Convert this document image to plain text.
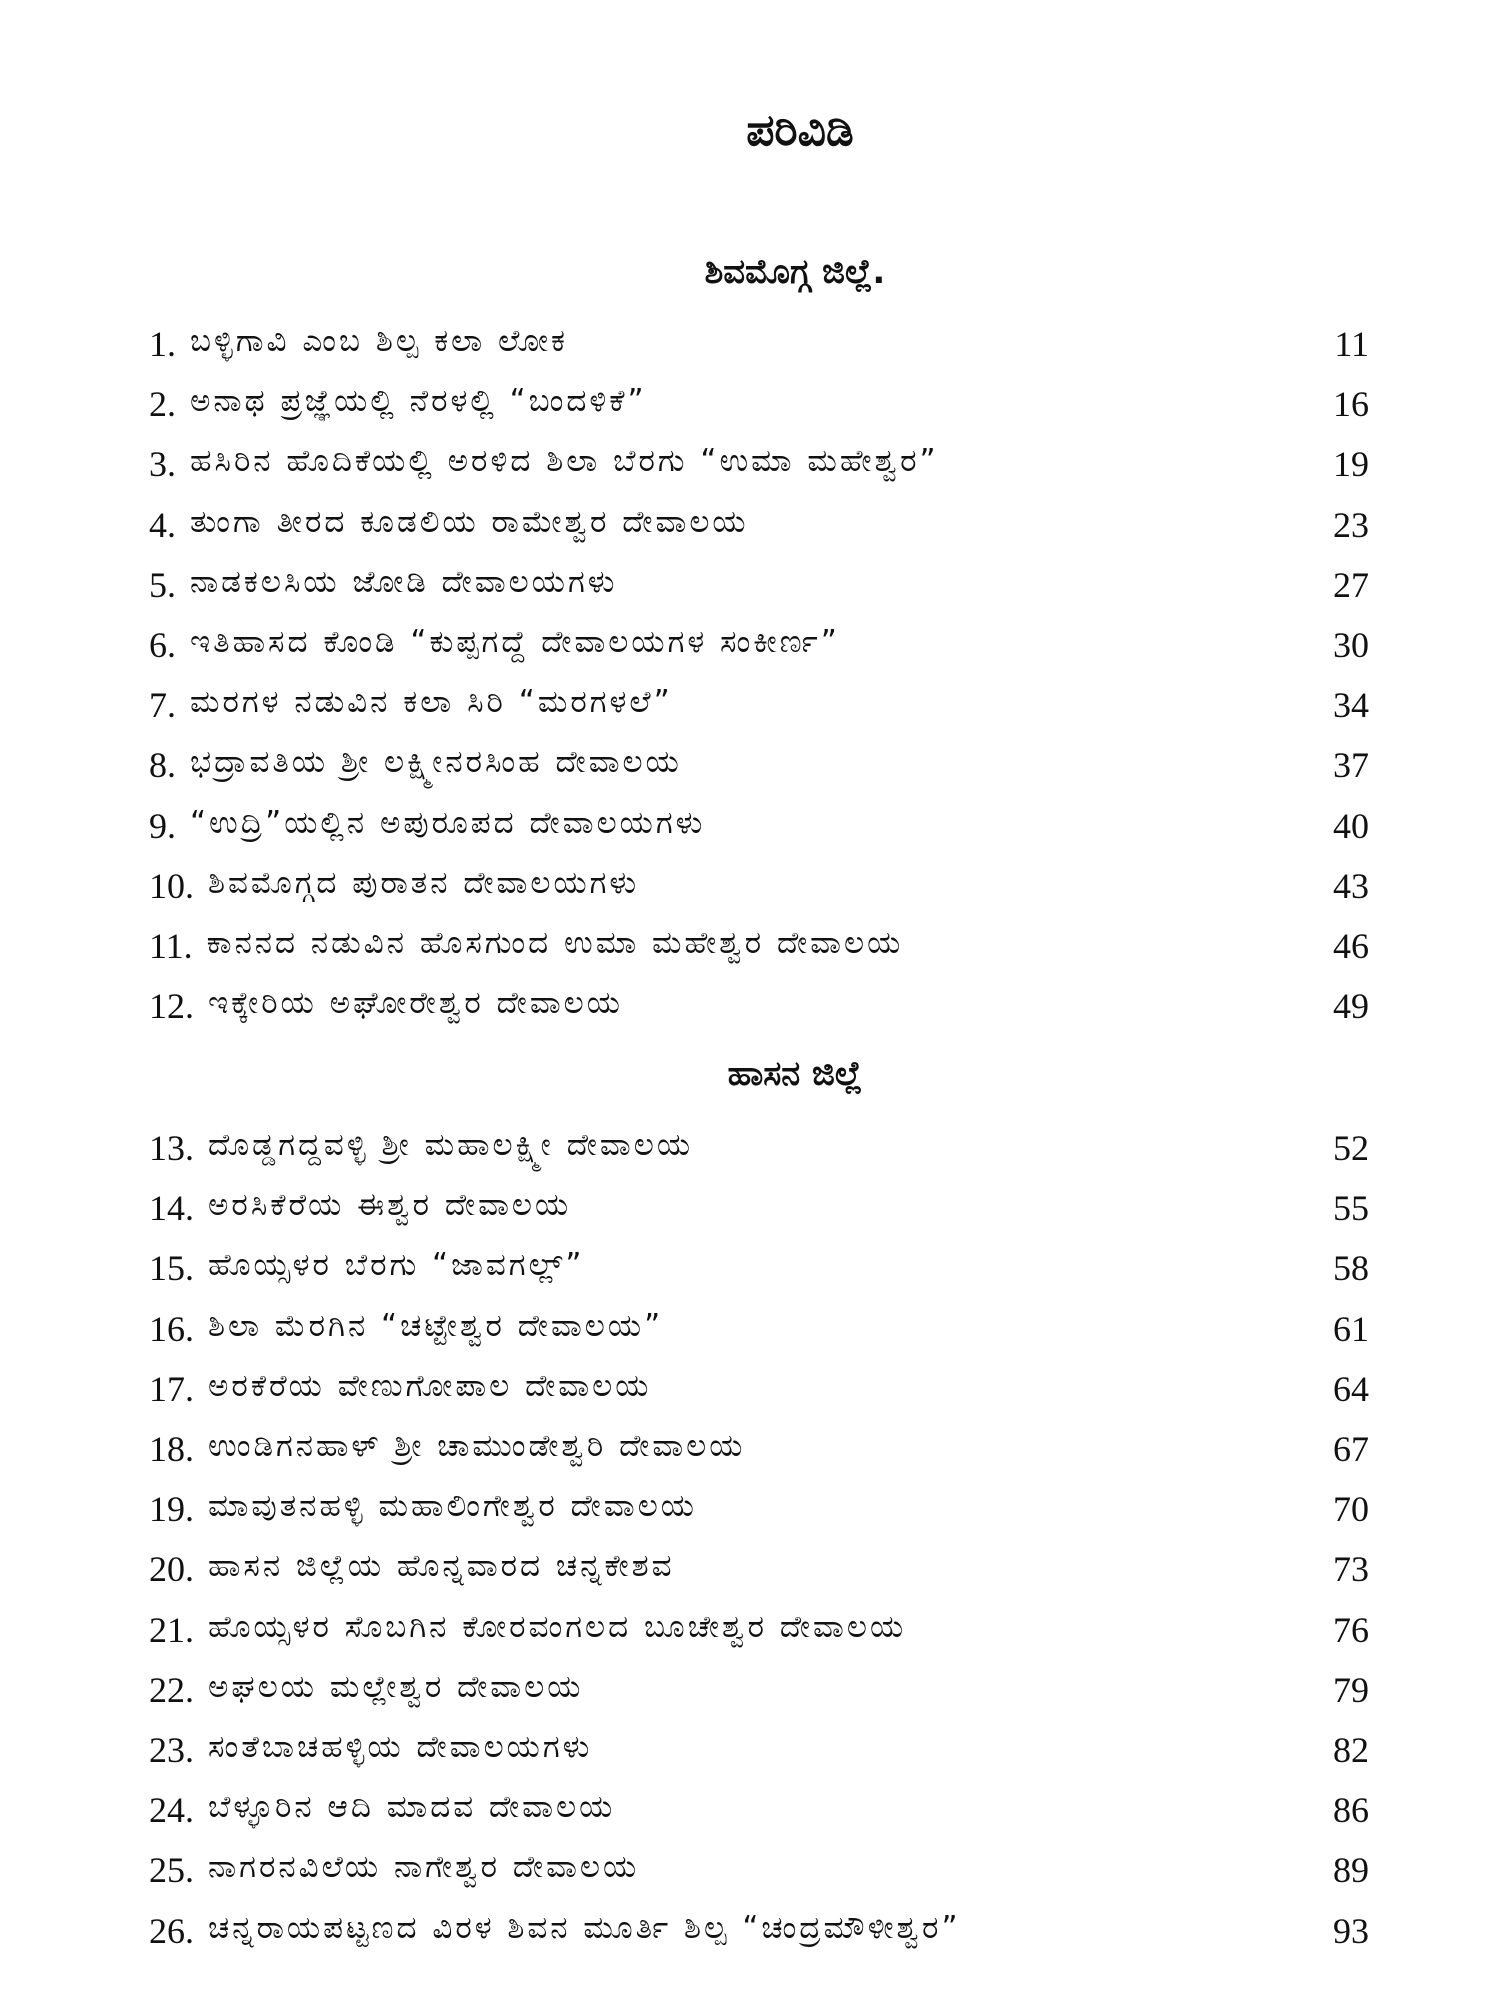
ಪರಿವಿಡಿ
ಶಿವಮೊಗ್ಗ ಜಿಲ್ಲೆ.
1. ಬಳ್ಳಿಗಾವಿ ಎಂಬ ಶಿಲ್ಪ ಕಲಾ ಲೋಕ	11
2. ಅನಾಥ ಪ್ರಜ್ಞೆಯಲ್ಲಿ ನೆರಳಲ್ಲಿ “ಬಂದಳಿಕೆ”	16
3. ಹಸಿರಿನ ಹೊದಿಕೆಯಲ್ಲಿ ಅರಳಿದ ಶಿಲಾ ಬೆರಗು “ಉಮಾ ಮಹೇಶ್ವರ”	19
4. ತುಂಗಾ ತೀರದ ಕೂಡಲಿಯ ರಾಮೇಶ್ವರ ದೇವಾಲಯ	23
5. ನಾಡಕಲಸಿಯ ಜೋಡಿ ದೇವಾಲಯಗಳು	27
6. ಇತಿಹಾಸದ ಕೊಂಡಿ “ಕುಪ್ಪಗದ್ದೆ ದೇವಾಲಯಗಳ ಸಂಕೀರ್ಣ”	30
7. ಮರಗಳ ನಡುವಿನ ಕಲಾ ಸಿರಿ “ಮರಗಳಲೆ”	34
8. ಭದ್ರಾವತಿಯ ಶ್ರೀ ಲಕ್ಷ್ಮೀನರಸಿಂಹ ದೇವಾಲಯ	37
9. “ಉದ್ರಿ”ಯಲ್ಲಿನ ಅಪುರೂಪದ ದೇವಾಲಯಗಳು	40
10. ಶಿವಮೊಗ್ಗದ ಪುರಾತನ ದೇವಾಲಯಗಳು	43
11. ಕಾನನದ ನಡುವಿನ ಹೊಸಗುಂದ ಉಮಾ ಮಹೇಶ್ವರ ದೇವಾಲಯ	46
12. ಇಕ್ಕೇರಿಯ ಅಘೋರೇಶ್ವರ ದೇವಾಲಯ	49
ಹಾಸನ ಜಿಲ್ಲೆ
13. ದೊಡ್ಡಗದ್ದವಳ್ಳಿ ಶ್ರೀ ಮಹಾಲಕ್ಷ್ಮೀ ದೇವಾಲಯ	52
14. ಅರಸಿಕೆರೆಯ ಈಶ್ವರ ದೇವಾಲಯ	55
15. ಹೊಯ್ಸಳರ ಬೆರಗು “ಜಾವಗಲ್ಲ್”	58
16. ಶಿಲಾ ಮೆರಗಿನ “ಚಟ್ಟೇಶ್ವರ ದೇವಾಲಯ”	61
17. ಅರಕೆರೆಯ ವೇಣುಗೋಪಾಲ ದೇವಾಲಯ	64
18. ಉಂಡಿಗನಹಾಳ್ ಶ್ರೀ ಚಾಮುಂಡೇಶ್ವರಿ ದೇವಾಲಯ	67
19. ಮಾವುತನಹಳ್ಳಿ ಮಹಾಲಿಂಗೇಶ್ವರ ದೇವಾಲಯ	70
20. ಹಾಸನ ಜಿಲ್ಲೆಯ ಹೊನ್ನವಾರದ ಚನ್ನಕೇಶವ	73
21. ಹೊಯ್ಸಳರ ಸೊಬಗಿನ ಕೋರವಂಗಲದ ಬೂಚೇಶ್ವರ ದೇವಾಲಯ	76
22. ಅಘಲಯ ಮಲ್ಲೇಶ್ವರ ದೇವಾಲಯ	79
23. ಸಂತೆಬಾಚಹಳ್ಳಿಯ ದೇವಾಲಯಗಳು	82
24. ಬೆಳ್ಳೂರಿನ ಆದಿ ಮಾದವ ದೇವಾಲಯ	86
25. ನಾಗರನವಿಲೆಯ ನಾಗೇಶ್ವರ ದೇವಾಲಯ	89
26. ಚನ್ನರಾಯಪಟ್ಟಣದ ವಿರಳ ಶಿವನ ಮೂರ್ತಿ ಶಿಲ್ಪ “ಚಂದ್ರಮೌಳೀಶ್ವರ”	93
